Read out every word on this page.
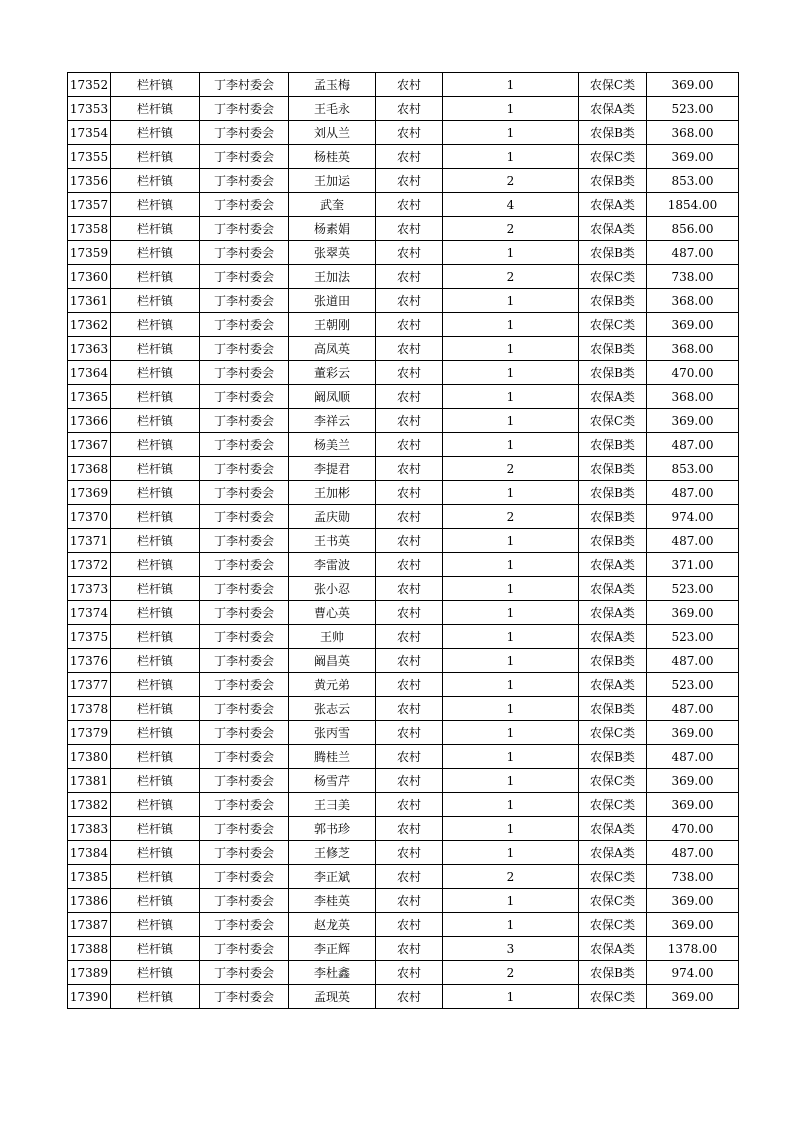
17352	栏杆镇	丁李村委会	孟玉梅	农村	1	农保C类	369.00
17353	栏杆镇	丁李村委会	王毛永	农村	1	农保A类	523.00
17354	栏杆镇	丁李村委会	刘从兰	农村	1	农保B类	368.00
17355	栏杆镇	丁李村委会	杨桂英	农村	1	农保C类	369.00
17356	栏杆镇	丁李村委会	王加运	农村	2	农保B类	853.00
17357	栏杆镇	丁李村委会	武奎	农村	4	农保A类	1854.00
17358	栏杆镇	丁李村委会	杨素娟	农村	2	农保A类	856.00
17359	栏杆镇	丁李村委会	张翠英	农村	1	农保B类	487.00
17360	栏杆镇	丁李村委会	王加法	农村	2	农保C类	738.00
17361	栏杆镇	丁李村委会	张道田	农村	1	农保B类	368.00
17362	栏杆镇	丁李村委会	王朝刚	农村	1	农保C类	369.00
17363	栏杆镇	丁李村委会	高凤英	农村	1	农保B类	368.00
17364	栏杆镇	丁李村委会	董彩云	农村	1	农保B类	470.00
17365	栏杆镇	丁李村委会	阚凤顺	农村	1	农保A类	368.00
17366	栏杆镇	丁李村委会	李祥云	农村	1	农保C类	369.00
17367	栏杆镇	丁李村委会	杨美兰	农村	1	农保B类	487.00
17368	栏杆镇	丁李村委会	李提君	农村	2	农保B类	853.00
17369	栏杆镇	丁李村委会	王加彬	农村	1	农保B类	487.00
17370	栏杆镇	丁李村委会	孟庆勋	农村	2	农保B类	974.00
17371	栏杆镇	丁李村委会	王书英	农村	1	农保B类	487.00
17372	栏杆镇	丁李村委会	李雷波	农村	1	农保A类	371.00
17373	栏杆镇	丁李村委会	张小忍	农村	1	农保A类	523.00
17374	栏杆镇	丁李村委会	曹心英	农村	1	农保A类	369.00
17375	栏杆镇	丁李村委会	王帅	农村	1	农保A类	523.00
17376	栏杆镇	丁李村委会	阚昌英	农村	1	农保B类	487.00
17377	栏杆镇	丁李村委会	黄元弟	农村	1	农保A类	523.00
17378	栏杆镇	丁李村委会	张志云	农村	1	农保B类	487.00
17379	栏杆镇	丁李村委会	张丙雪	农村	1	农保C类	369.00
17380	栏杆镇	丁李村委会	腾桂兰	农村	1	农保B类	487.00
17381	栏杆镇	丁李村委会	杨雪芹	农村	1	农保C类	369.00
17382	栏杆镇	丁李村委会	王彐美	农村	1	农保C类	369.00
17383	栏杆镇	丁李村委会	郭书珍	农村	1	农保A类	470.00
17384	栏杆镇	丁李村委会	王修芝	农村	1	农保A类	487.00
17385	栏杆镇	丁李村委会	李正斌	农村	2	农保C类	738.00
17386	栏杆镇	丁李村委会	李桂英	农村	1	农保C类	369.00
17387	栏杆镇	丁李村委会	赵龙英	农村	1	农保C类	369.00
17388	栏杆镇	丁李村委会	李正辉	农村	3	农保A类	1378.00
17389	栏杆镇	丁李村委会	李杜鑫	农村	2	农保B类	974.00
17390	栏杆镇	丁李村委会	孟现英	农村	1	农保C类	369.00
